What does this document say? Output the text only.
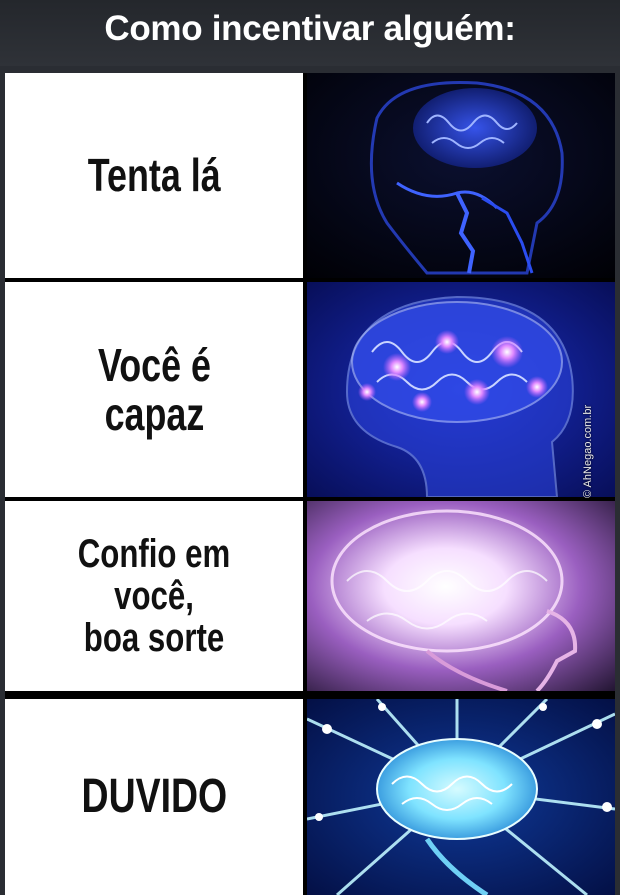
Como incentivar alguém:
Tenta lá
Você é
capaz
Confio em você,
boa sorte
DUVIDO
© AhNegao.com.br
